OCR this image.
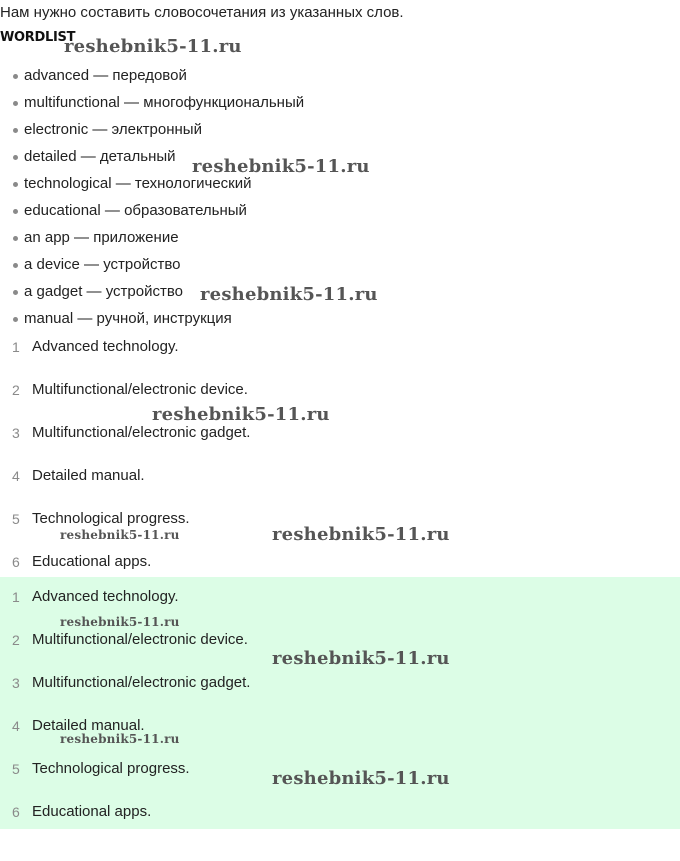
Нам нужно составить словосочетания из указанных слов.
WORDLIST
advanced — передовой
multifunctional — многофункциональный
electronic — электронный
detailed — детальный
technological — технологический
educational — образовательный
an app — приложение
a device — устройство
a gadget — устройство
manual — ручной, инструкция
1 Advanced technology.
2 Multifunctional/electronic device.
3 Multifunctional/electronic gadget.
4 Detailed manual.
5 Technological progress.
6 Educational apps.
1 Advanced technology.
2 Multifunctional/electronic device.
3 Multifunctional/electronic gadget.
4 Detailed manual.
5 Technological progress.
6 Educational apps.
reshebnik5-11.ru
reshebnik5-11.ru
reshebnik5-11.ru
reshebnik5-11.ru
reshebnik5-11.ru	reshebnik5-11.ru
reshebnik5-11.ru
reshebnik5-11.ru
reshebnik5-11.ru
reshebnik5-11.ru
